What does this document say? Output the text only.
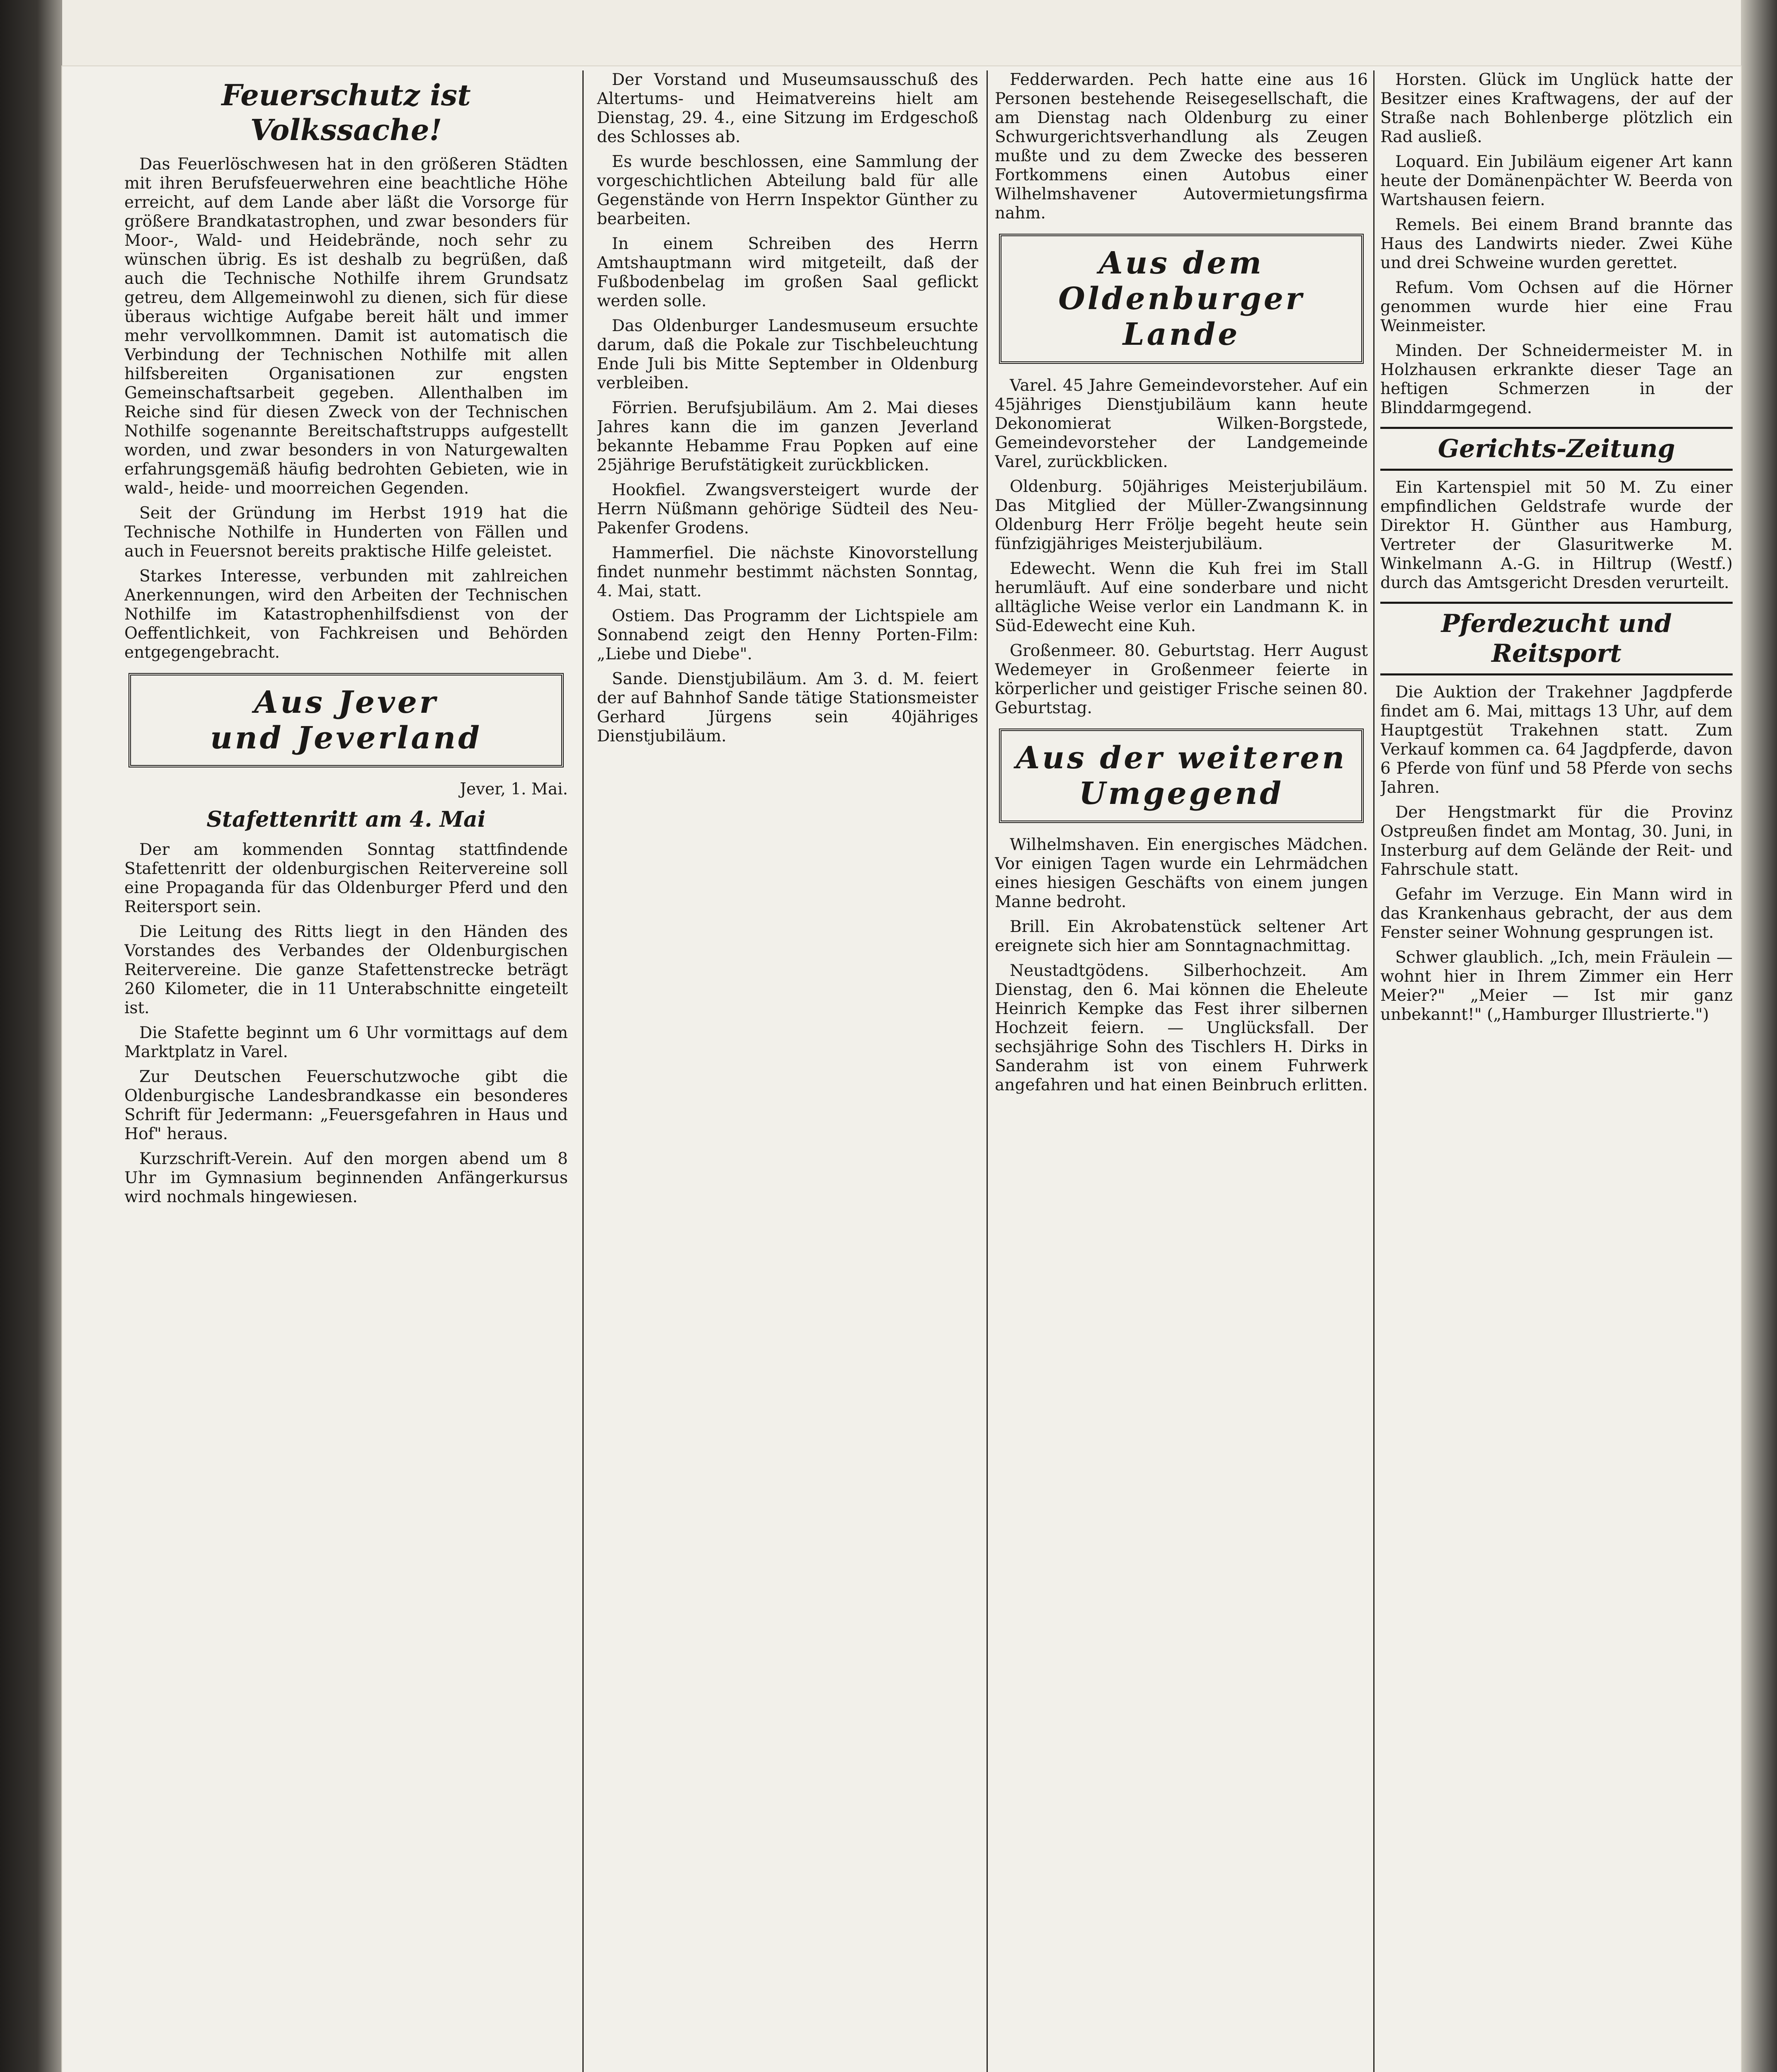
Feuerschutz ist Volkssache!

Das Feuerlöschwesen hat in den größeren Städten mit ihren Berufsfeuerwehren eine beachtliche Höhe erreicht, auf dem Lande aber läßt die Vorsorge für größere Brandkatastrophen, und zwar besonders für Moor-, Wald- und Heidebrände, noch sehr zu wünschen übrig. Es ist deshalb zu begrüßen, daß auch die Technische Nothilfe ihrem Grundsatz getreu, dem Allgemeinwohl zu dienen, sich für diese überaus wichtige Aufgabe bereit hält und immer mehr vervollkommnen. Damit ist automatisch die Verbindung der Technischen Nothilfe mit allen hilfsbereiten Organisationen zur engsten Gemeinschaftsarbeit gegeben. Allenthalben im Reiche sind für diesen Zweck von der Technischen Nothilfe sogenannte Bereitschaftstrupps aufgestellt worden, und zwar besonders in von Naturgewalten erfahrungsgemäß häufig bedrohten Gebieten, wie in wald-, heide- und moorreichen Gegenden.

Seit der Gründung im Herbst 1919 hat die Technische Nothilfe in Hunderten von Fällen und auch in Feuersnot bereits praktische Hilfe geleistet.

Starkes Interesse, verbunden mit zahlreichen Anerkennungen, wird den Arbeiten der Technischen Nothilfe im Katastrophenhilfsdienst von der Oeffentlichkeit, von Fachkreisen und Behörden entgegengebracht.

Aus Jever
und Jeverland
Jever, 1. Mai.
Stafettenritt am 4. Mai

Der am kommenden Sonntag stattfindende Stafettenritt der oldenburgischen Reitervereine soll eine Propaganda für das Oldenburger Pferd und den Reitersport sein.

Die Leitung des Ritts liegt in den Händen des Vorstandes des Verbandes der Oldenburgischen Reitervereine. Die ganze Stafettenstrecke beträgt 260 Kilometer, die in 11 Unterabschnitte eingeteilt ist.

Die Stafette beginnt um 6 Uhr vormittags auf dem Marktplatz in Varel.

Zur Deutschen Feuerschutzwoche gibt die Oldenburgische Landesbrandkasse ein besonderes Schrift für Jedermann: „Feuersgefahren in Haus und Hof" heraus.

Kurzschrift-Verein. Auf den morgen abend um 8 Uhr im Gymnasium beginnenden Anfängerkursus wird nochmals hingewiesen.

Der Vorstand und Museumsausschuß des Altertums- und Heimatvereins hielt am Dienstag, 29. 4., eine Sitzung im Erdgeschoß des Schlosses ab.

Es wurde beschlossen, eine Sammlung der vorgeschichtlichen Abteilung bald für alle Gegenstände von Herrn Inspektor Günther zu bearbeiten.

In einem Schreiben des Herrn Amtshauptmann wird mitgeteilt, daß der Fußbodenbelag im großen Saal geflickt werden solle.

Das Oldenburger Landesmuseum ersuchte darum, daß die Pokale zur Tischbeleuchtung Ende Juli bis Mitte September in Oldenburg verbleiben.

Förrien. Berufsjubiläum. Am 2. Mai dieses Jahres kann die im ganzen Jeverland bekannte Hebamme Frau Popken auf eine 25jährige Berufstätigkeit zurückblicken.

Hookfiel. Zwangsversteigert wurde der Herrn Nüßmann gehörige Südteil des Neu-Pakenfer Grodens.

Hammerfiel. Die nächste Kinovorstellung findet nunmehr bestimmt nächsten Sonntag, 4. Mai, statt.

Ostiem. Das Programm der Lichtspiele am Sonnabend zeigt den Henny Porten-Film: „Liebe und Diebe".

Sande. Dienstjubiläum. Am 3. d. M. feiert der auf Bahnhof Sande tätige Stationsmeister Gerhard Jürgens sein 40jähriges Dienstjubiläum.

Fedderwarden. Pech hatte eine aus 16 Personen bestehende Reisegesellschaft, die am Dienstag nach Oldenburg zu einer Schwurgerichtsverhandlung als Zeugen mußte und zu dem Zwecke des besseren Fortkommens einen Autobus einer Wilhelmshavener Autovermietungsfirma nahm.

Aus dem Oldenburger
Lande

Varel. 45 Jahre Gemeindevorsteher. Auf ein 45jähriges Dienstjubiläum kann heute Dekonomierat Wilken-Borgstede, Gemeindevorsteher der Landgemeinde Varel, zurückblicken.

Oldenburg. 50jähriges Meisterjubiläum. Das Mitglied der Müller-Zwangsinnung Oldenburg Herr Frölje begeht heute sein fünfzigjähriges Meisterjubiläum.

Edewecht. Wenn die Kuh frei im Stall herumläuft. Auf eine sonderbare und nicht alltägliche Weise verlor ein Landmann K. in Süd-Edewecht eine Kuh.

Großenmeer. 80. Geburtstag. Herr August Wedemeyer in Großenmeer feierte in körperlicher und geistiger Frische seinen 80. Geburtstag.

Aus der weiteren
Umgegend

Wilhelmshaven. Ein energisches Mädchen. Vor einigen Tagen wurde ein Lehrmädchen eines hiesigen Geschäfts von einem jungen Manne bedroht.

Brill. Ein Akrobatenstück seltener Art ereignete sich hier am Sonntagnachmittag.

Neustadtgödens. Silberhochzeit. Am Dienstag, den 6. Mai können die Eheleute Heinrich Kempke das Fest ihrer silbernen Hochzeit feiern. — Unglücksfall. Der sechsjährige Sohn des Tischlers H. Dirks in Sanderahm ist von einem Fuhrwerk angefahren und hat einen Beinbruch erlitten.

Horsten. Glück im Unglück hatte der Besitzer eines Kraftwagens, der auf der Straße nach Bohlenberge plötzlich ein Rad ausließ.

Loquard. Ein Jubiläum eigener Art kann heute der Domänenpächter W. Beerda von Wartshausen feiern.

Remels. Bei einem Brand brannte das Haus des Landwirts nieder. Zwei Kühe und drei Schweine wurden gerettet.

Refum. Vom Ochsen auf die Hörner genommen wurde hier eine Frau Weinmeister.

Minden. Der Schneidermeister M. in Holzhausen erkrankte dieser Tage an heftigen Schmerzen in der Blinddarmgegend.

Gerichts-Zeitung

Ein Kartenspiel mit 50 M. Zu einer empfindlichen Geldstrafe wurde der Direktor H. Günther aus Hamburg, Vertreter der Glasuritwerke M. Winkelmann A.-G. in Hiltrup (Westf.) durch das Amtsgericht Dresden verurteilt.

Pferdezucht und Reitsport

Die Auktion der Trakehner Jagdpferde findet am 6. Mai, mittags 13 Uhr, auf dem Hauptgestüt Trakehnen statt. Zum Verkauf kommen ca. 64 Jagdpferde, davon 6 Pferde von fünf und 58 Pferde von sechs Jahren.

Der Hengstmarkt für die Provinz Ostpreußen findet am Montag, 30. Juni, in Insterburg auf dem Gelände der Reit- und Fahrschule statt.

Gefahr im Verzuge. Ein Mann wird in das Krankenhaus gebracht, der aus dem Fenster seiner Wohnung gesprungen ist.

Schwer glaublich. „Ich, mein Fräulein — wohnt hier in Ihrem Zimmer ein Herr Meier?" „Meier — Ist mir ganz unbekannt!" („Hamburger Illustrierte.")
